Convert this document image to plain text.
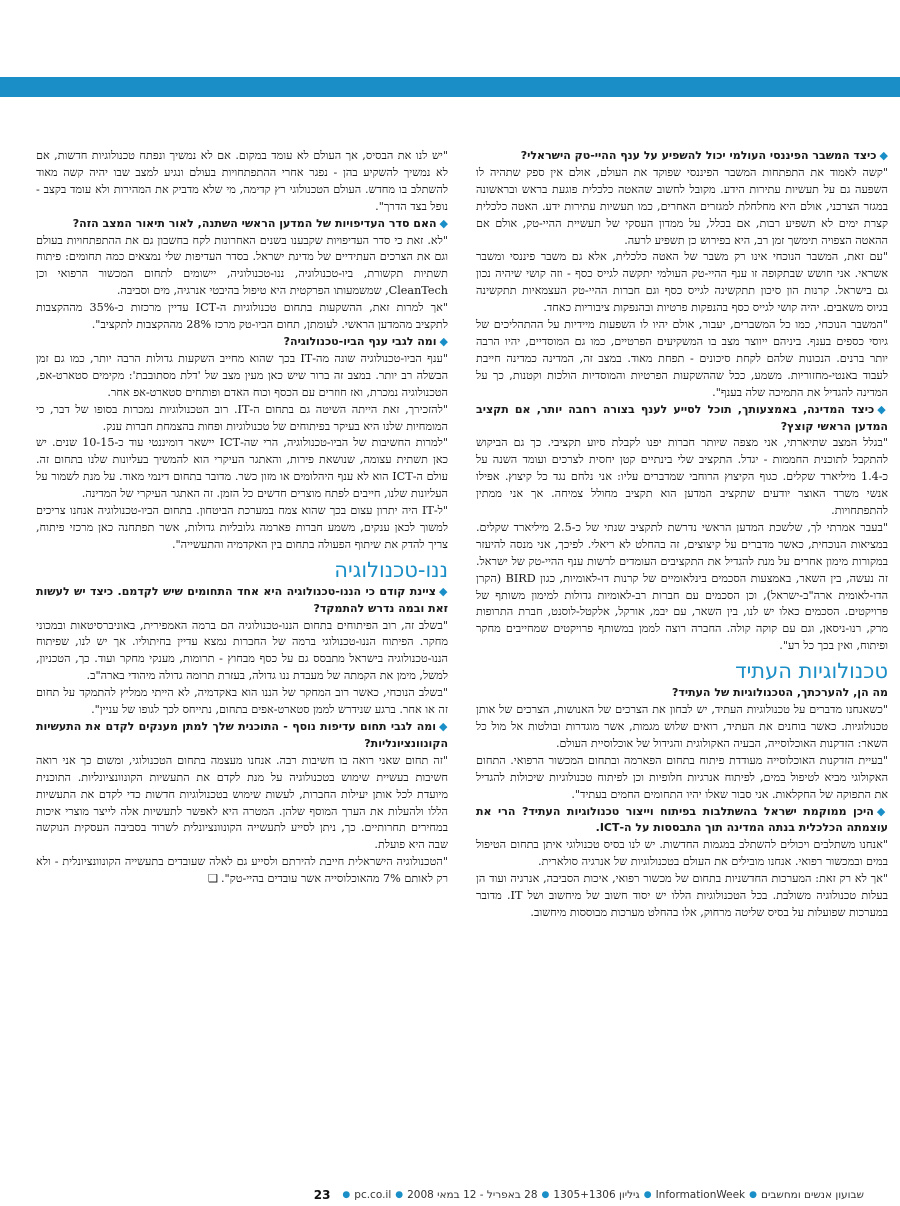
◆כיצד המשבר הפיננסי העולמי יכול להשפיע על ענף ההיי-טק הישראלי?

"קשה לאמוד את התפתחות המשבר הפיננסי שפוקד את העולם, אולם אין ספק שתהיה לו השפעה גם על תעשיות עתירות הידע. מקובל לחשוב שהאטה כלכלית פוגעת בראש ובראשונה במגזר הצרכני, אולם היא מחלחלת למגזרים האחרים, כמו תעשיות עתירות ידע. האטה כלכלית קצרת ימים לא תשפיע רבות, אם בכלל, על ממדון העסקי של תעשיית ההיי-טק, אולם אם ההאטה הצפויה תימשך זמן רב, היא בפירוש כן תשפיע לרעה.

"עם זאת, המשבר הנוכחי אינו רק משבר של האטה כלכלית, אלא גם משבר פיננסי ומשבר אשראי. אני חושש שבתקופה זו ענף ההיי-טק העולמי יתקשה לגייס כסף - וזה קושי שיהיה נכון גם בישראל. קרנות הון סיכון תתקשינה לגייס כסף וגם חברות ההיי-טק העצמאיות תתקשינה בגיוס משאבים. יהיה קושי לגייס כסף בהנפקות פרטיות ובהנפקות ציבוריות כאחד.

"המשבר הנוכחי, כמו כל המשברים, יעבור, אולם יהיו לו השפעות מיידיות על ההתהליכים של גיוסי כספים בענף. ביניהם ייווצר מצב בו המשקיעים הפרטיים, כמו גם המוסדיים, יהיו הרבה יותר ברנים. הנכונות שלהם לקחת סיכונים - תפחת מאוד. במצב זה, המדינה כמדינה חייבת לעבוד באנטי-מחזוריות. משמע, ככל שההשקעות הפרטיות והמוסדיות הולכות וקטנות, כך על המדינה להגדיל את התמיכה שלה בענף".

◆כיצד המדינה, באמצעותך, תוכל לסייע לענף בצורה רחבה יותר, אם תקציב המדען הראשי קוצץ?

"בגלל המצב שתיארתי, אני מצפה שיותר חברות יפנו לקבלת סיוע תקציבי. כך גם הביקוש להתקבל לתוכנית החממות - יגדל. התקציב שלי בינתיים קטן יחסית לצרכים ועומד השנה על כ-1.4 מיליארד שקלים. כגוף הקיצוץ הרוחבי שמדברים עליו: אני נלחם נגד כל קיצוץ. אפילו אנשי משרד האוצר יודעים שתקציב המדען הוא תקציב מחולל צמיחה. אך אני ממתין להתפתחויות.

"בעבר אמרתי לך, שלשכת המדען הראשי נדרשת לתקציב שנתי של כ-2.5 מיליארד שקלים. במציאות הנוכחית, כאשר מדברים על קיצוצים, זה בהחלט לא ריאלי. לפיכך, אני מנסה להיעזר במקורות מימון אחרים על מנת להגדיל את התקציבים העומדים לרשות ענף ההיי-טק של ישראל. זה נעשה, בין השאר, באמצעות הסכמים בינלאומיים של קרנות דו-לאומיות, כגון BIRD (הקרן הדו-לאומית ארה"ב-ישראל), וכן הסכמים עם חברות רב-לאומיות גדולות למימון משותף של פרויקטים. הסכמים כאלו יש לנו, בין השאר, עם יבמ, אורקל, אלקטל-לוסנט, חברת התרופות מרק, רנו-ניסאן, וגם עם קוקה קולה. החברה רוצה לממן במשותף פרויקטים שמחייבים מחקר ופיתוח, ואין בכך כל רע".

טכנולוגיות העתיד

מה הן, להערכתך, הטכנולוגיות של העתיד?

"כשאנחנו מדברים על טכנולוגיות העתיד, יש לבחון את הצרכים של האנושות, הצרכים של אותן טכנולוגיות. כאשר בוחנים את העתיד, רואים שלוש מגמות, אשר מוגדרות ובולטות אל מול כל השאר: הזדקנות האוכלוסייה, הבעיה האקולוגית והגידול של אוכלוסיית העולם.

"בעיית הזדקנות האוכלוסייה מעודדת פיתוח בתחום הפארמה ובתחום המכשור הרפואי. התחום האקולוגי מביא לטיפול במים, לפיתוח אנרגיות חלופיות וכן לפיתוח טכנולוגיות שיכולות להגדיל את התפוקה של החקלאות. אני סבור שאלו יהיו התחומים החמים בעתיד".

◆היכן ממוקמת ישראל בהשתלבות בפיתוח וייצור טכנולוגיות העתיד? הרי את עוצמתה הכלכלית בנתה המדינה תוך התבססות על ה-ICT.

"אנחנו משתלבים ויכולים להשתלב במגמות החדשות. יש לנו בסיס טכנולוגי איתן בתחום הטיפול במים ובמכשור רפואי. אנחנו מובילים את העולם בטכנולוגיות של אנרגיה סולארית.

"אך לא רק זאת: המערכות החדשניות בתחום של מכשור רפואי, איכות הסביבה, אנרגיה ועוד הן בעלות טכנולוגיה משולבת. בכל הטכנולוגיות הללו יש יסוד חשוב של מיחשוב ושל IT. מדובר במערכות שפועלות על בסיס שליטה מרחוק, אלו בהחלט מערכות מבוססות מיחשוב.

"יש לנו את הבסיס, אך העולם לא עומד במקום. אם לא נמשיך ונפתח טכנולוגיות חדשות, אם לא נמשיך להשקיע בהן - נפגר אחרי ההתפתחויות בעולם ונגיע למצב שבו יהיה קשה מאוד להשתלב בו מחדש. העולם הטכנולוגי רץ קדימה, מי שלא מדביק את המהירות ולא עומד בקצב - נופל בצד הדרך".

◆האם סדר העדיפויות של המדען הראשי השתנה, לאור תיאור המצב הזה?

"לא. זאת כי סדר העדיפויות שקבענו בשנים האחרונות לקח בחשבון גם את ההתפתחויות בעולם וגם את הצרכים העתידיים של מדינת ישראל. בסדר העדיפות שלי נמצאים כמה תחומים: פיתוח תשתיות תקשורת, ביו-טכנולוגיה, ננו-טכנולוגיה, יישומים לתחום המכשור הרפואי וכן CleanTech, שמשמעותו הפרקטית היא טיפול בהיבטי אנרגיה, מים וסביבה.

"אך למרות זאת, ההשקעות בתחום טכנולוגיות ה-ICT עדיין מרכזות כ-35% מההקצבות לתקציב מהמדען הראשי. לעומתן, תחום הביו-טק מרכז 28% מההקצבות לתקציב".

◆ומה לגבי ענף הביו-טכנולוגיה?

"ענף הביו-טכנולוגיה שונה מה-IT בכך שהוא מחייב השקעות גדולות הרבה יותר, כמו גם זמן הבשלה רב יותר. במצב זה ברור שיש כאן מעין מצב של 'דלת מסתובבת': מקימים סטארט-אפ, הטכנולוגיה נמכרת, ואז חוזרים עם הכסף וכוח האדם ופותחים סטארט-אפ אחר.

"להזכירך, זאת הייתה השיטה גם בתחום ה-IT. רוב הטכנולוגיות נמכרות בסופו של דבר, כי המומחיות שלנו היא בעיקר בפיתוחים של טכנולוגיות ופחות בהצמחת חברות ענק.

"למרות החשיבות של הביו-טכנולוגיה, הרי שה-ICT יישאר דומיננטי עוד כ-10-15 שנים. יש כאן תשתית עצומה, שנושאת פירות, והאתגר העיקרי הוא להמשיך בעליונות שלנו בתחום זה. עולם ה-ICT הוא לא ענף היהלומים או מזון כשר. מדובר בתחום דינמי מאוד. על מנת לשמור על העליונות שלנו, חייבים לפתח מוצרים חדשים כל הזמן. זה האתגר העיקרי של המדינה.

"ל-IT היה יתרון עצום בכך שהוא צמח במערכת הביטחון. בתחום הביו-טכנולוגיה אנחנו צריכים למשוך לכאן ענקים, משמע חברות פארמה גלובליות גדולות, אשר תפתחנה כאן מרכזי פיתוח, צריך להדק את שיתוף הפעולה בתחום בין האקדמיה והתעשייה".

ננו-טכנולוגיה

◆ציינת קודם כי הננו-טכנולוגיה היא אחד התחומים שיש לקדמם. כיצד יש לעשות זאת ובמה נדרש להתמקד?

"בשלב זה, רוב הפיתוחים בתחום הננו-טכנולוגיה הם ברמה האמפירית, באוניברסיטאות ובמכוני מחקר. הפיתוח הננו-טכנולוגי ברמה של החברות נמצא עדיין בחיתוליו. אך יש לנו, שפיתוח הננו-טכנולוגיה בישראל מתבסס גם על כסף מבחוץ - תרומות, מענקי מחקר ועוד. כך, הטכניון, למשל, מימן את הקמתה של מעבדת ננו גדולה, בעזרת תרומה גדולה מיהודי בארה"ב.

"בשלב הנוכחי, כאשר רוב המחקר של הננו הוא באקדמיה, לא הייתי ממליץ להתמקד על תחום זה או אחר. ברגע שנידרש לממן סטארט-אפים בתחום, נתייחס לכך לגופו של עניין".

◆ומה לגבי תחום עדיפות נוסף - התוכנית שלך למתן מענקים לקדם את התעשיות הקונוונציונליות?

"זה תחום שאני רואה בו חשיבות רבה. אנחנו מעצמה בתחום הטכנולוגי, ומשום כך אני רואה חשיבות בעשיית שימוש בטכנולוגיה על מנת לקדם את התעשיות הקונוונציונליות. התוכנית מיועדת לכל אותן יעילות החברות, לעשות שימוש בטכנולוגיות חדשות כדי לקדם את התעשיות הללו ולהעלות את הערך המוסף שלהן. המטרה היא לאפשר לתעשיות אלה לייצר מוצרי איכות במחירים תחרותיים. כך, ניתן לסייע לתעשייה הקונוונציונלית לשרוד בסביבה העסקית הנוקשה שבה היא פועלת.

"הטכנולוגיה הישראלית חייבת להירתם ולסייע גם לאלה שעובדים בתעשייה הקונוונציונלית - ולא רק לאותם 7% מהאוכלוסייה אשר עובדים בהיי-טק".❑

שבועון אנשים ומחשבים
●
InformationWeek
●
גיליון 1305+1306
●
28 באפריל - 12 במאי 2008
●
pc.co.il
●
23
